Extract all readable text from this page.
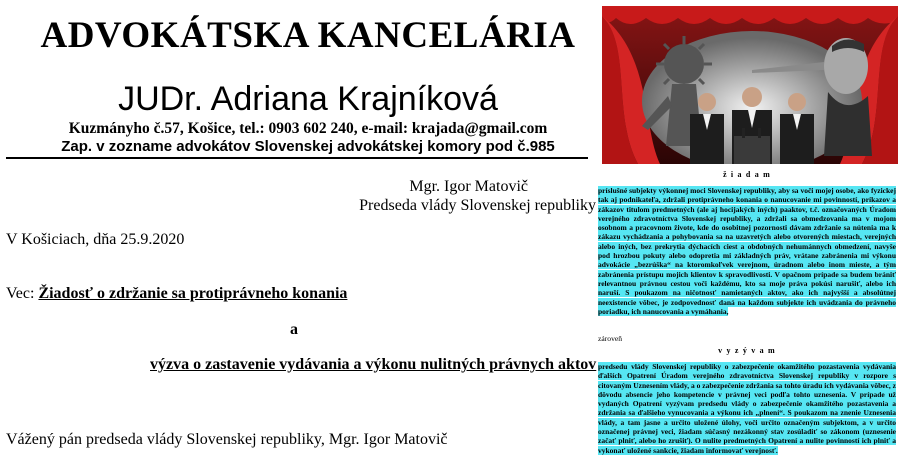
ADVOKÁTSKA KANCELÁRIA
JUDr. Adriana Krajníková
Kuzmányho č.57, Košice, tel.: 0903 602 240, e-mail: krajada@gmail.com
Zap. v zozname advokátov Slovenskej advokátskej komory pod č.985
Mgr. Igor Matovič
Predseda vlády Slovenskej republiky
V Košiciach, dňa 25.9.2020
Vec: Žiadosť o zdržanie sa protiprávneho konania
a
výzva o zastavenie vydávania a výkonu nulitných právnych aktov
Vážený pán predseda vlády Slovenskej republiky, Mgr. Igor Matovič
ž i a d a m
príslušné subjekty výkonnej moci Slovenskej republiky, aby sa voči mojej osobe, ako fyzickej tak aj podnikateľa, zdržali protiprávneho konania o nanucovanie mi povinností, príkazov a zákazov titulom predmetných (ale aj hocijakých iných) paaktov, t.č. označovaných Úradom verejného zdravotníctva Slovenskej republiky, a zdržali sa obmedzovania ma v mojom osobnom a pracovnom živote, kde do osobitnej pozornosti dávam zdržanie sa nútenia ma k zákazu vychádzania a pohybovania sa na uzavretých alebo otvorených miestach, verejných alebo iných, bez prekrytia dýchacích ciest a obdobných nehumánnych obmedzení, navyše pod hrozbou pokuty alebo odopretia mi základných práv, vrátane zabránenia mi výkonu advokácie „bezrúška“ na ktoromkoľvek verejnom, úradnom alebo inom mieste, a tým zabránenia prístupu mojich klientov k spravodlivosti. V opačnom prípade sa budem brániť relevantnou právnou cestou voči každému, kto sa moje práva pokúsi narušiť, alebo ich naruší. S poukazom na ničotnosť namietaných aktov, ako ich najvyšší a absolútnej neexistencie vôbec, je zodpovednosť daná na každom subjekte ich uvádzania do právneho poriadku, ich nanucovania a vymáhania,
zároveň
v y z ý v a m
predsedu vlády Slovenskej republiky o zabezpečenie okamžitého pozastavenia vydávania ďalších Opatrení Úradom verejného zdravotníctva Slovenskej republiky v rozpore s citovaným Uznesením vlády, a o zabezpečenie zdržania sa tohto úradu ich vydávania vôbec, z dôvodu absencie jeho kompetencie v právnej veci podľa tohto uznesenia. V prípade už vydaných Opatrení vyzývam predsedu vlády o zabezpečenie okamžitého pozastavenia a zdržania sa ďalšieho vynucovania a výkonu ich „plnení“. S poukazom na znenie Uznesenia vlády, a tam jasne a určito uložené úlohy, voči určito označeným subjektom, a v určito označenej právnej veci, žiadam súčasný nezákonný stav zosúladiť so zákonom (uznesenie začať plniť, alebo ho zrušiť). O nulite predmetných Opatrení a nulite povinností ich plniť a vykonať uložené sankcie, žiadam informovať verejnosť.
